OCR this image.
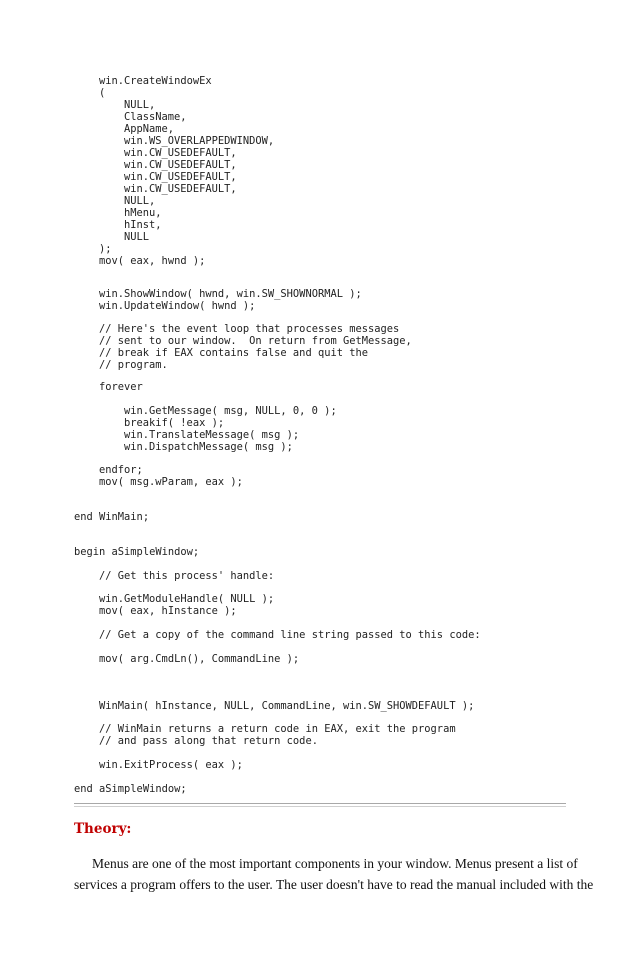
win.CreateWindowEx
(
NULL,
ClassName,
AppName,
win.WS_OVERLAPPEDWINDOW,
win.CW_USEDEFAULT,
win.CW_USEDEFAULT,
win.CW_USEDEFAULT,
win.CW_USEDEFAULT,
NULL,
hMenu,
hInst,
NULL
);
mov( eax, hwnd );
win.ShowWindow( hwnd, win.SW_SHOWNORMAL );
win.UpdateWindow( hwnd );
// Here's the event loop that processes messages
// sent to our window.  On return from GetMessage,
// break if EAX contains false and quit the
// program.
forever
win.GetMessage( msg, NULL, 0, 0 );
breakif( !eax );
win.TranslateMessage( msg );
win.DispatchMessage( msg );
endfor;
mov( msg.wParam, eax );
end WinMain;
begin aSimpleWindow;
// Get this process' handle:
win.GetModuleHandle( NULL );
mov( eax, hInstance );
// Get a copy of the command line string passed to this code:
mov( arg.CmdLn(), CommandLine );
WinMain( hInstance, NULL, CommandLine, win.SW_SHOWDEFAULT );
// WinMain returns a return code in EAX, exit the program
// and pass along that return code.
win.ExitProcess( eax );
end aSimpleWindow;
Theory:
Menus are one of the most important components in your window. Menus present a list of
services a program offers to the user. The user doesn't have to read the manual included with the
